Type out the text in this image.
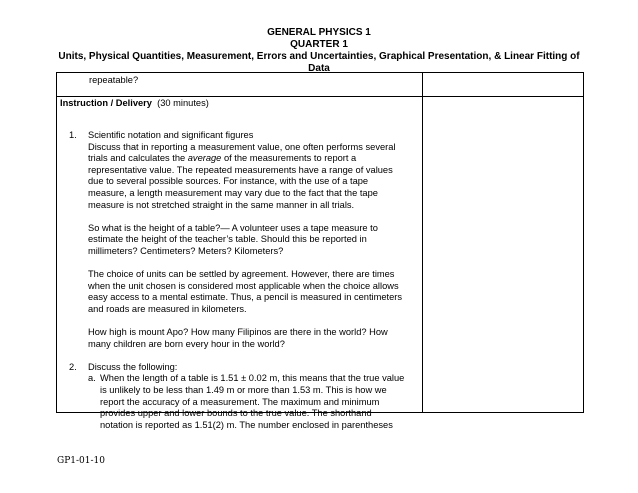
GENERAL PHYSICS 1
QUARTER 1
Units, Physical Quantities, Measurement, Errors and Uncertainties, Graphical Presentation, & Linear Fitting of
Data
repeatable?
Instruction / Delivery (30 minutes)
1. Scientific notation and significant figures

Discuss that in reporting a measurement value, one often performs several

trials and calculates the average of the measurements to report a

representative value. The repeated measurements have a range of values

due to several possible sources. For instance, with the use of a tape

measure, a length measurement may vary due to the fact that the tape

measure is not stretched straight in the same manner in all trials.

So what is the height of a table?— A volunteer uses a tape measure to

estimate the height of the teacher’s table. Should this be reported in

millimeters? Centimeters? Meters? Kilometers?

The choice of units can be settled by agreement. However, there are times

when the unit chosen is considered most applicable when the choice allows

easy access to a mental estimate. Thus, a pencil is measured in centimeters

and roads are measured in kilometers.

How high is mount Apo? How many Filipinos are there in the world? How

many children are born every hour in the world?

2. Discuss the following:

a. When the length of a table is 1.51 ± 0.02 m, this means that the true value

is unlikely to be less than 1.49 m or more than 1.53 m. This is how we

report the accuracy of a measurement. The maximum and minimum

provides upper and lower bounds to the true value. The shorthand

notation is reported as 1.51(2) m. The number enclosed in parentheses

GP1-01-10
